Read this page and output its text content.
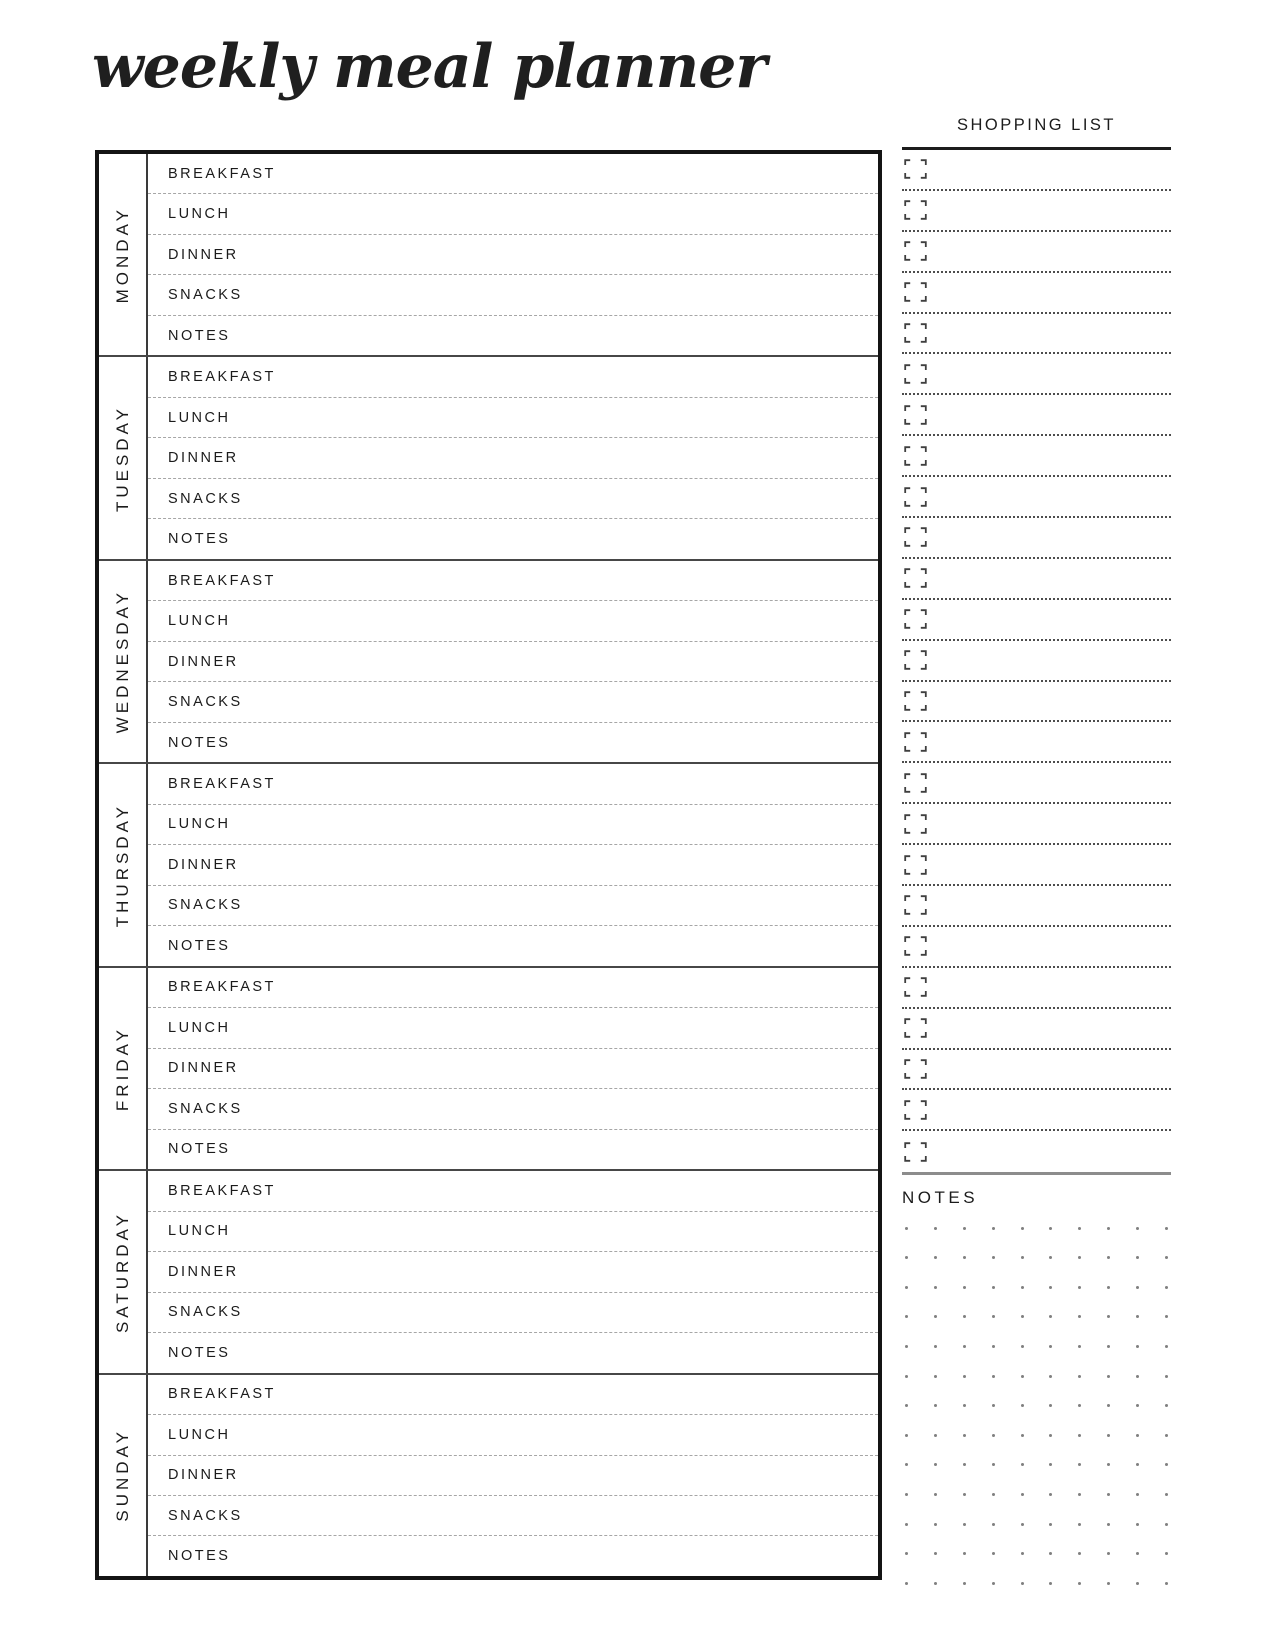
weekly meal planner
MONDAY
BREAKFAST
LUNCH
DINNER
SNACKS
NOTES
TUESDAY
BREAKFAST
LUNCH
DINNER
SNACKS
NOTES
WEDNESDAY
BREAKFAST
LUNCH
DINNER
SNACKS
NOTES
THURSDAY
BREAKFAST
LUNCH
DINNER
SNACKS
NOTES
FRIDAY
BREAKFAST
LUNCH
DINNER
SNACKS
NOTES
SATURDAY
BREAKFAST
LUNCH
DINNER
SNACKS
NOTES
SUNDAY
BREAKFAST
LUNCH
DINNER
SNACKS
NOTES
SHOPPING LIST
NOTES
